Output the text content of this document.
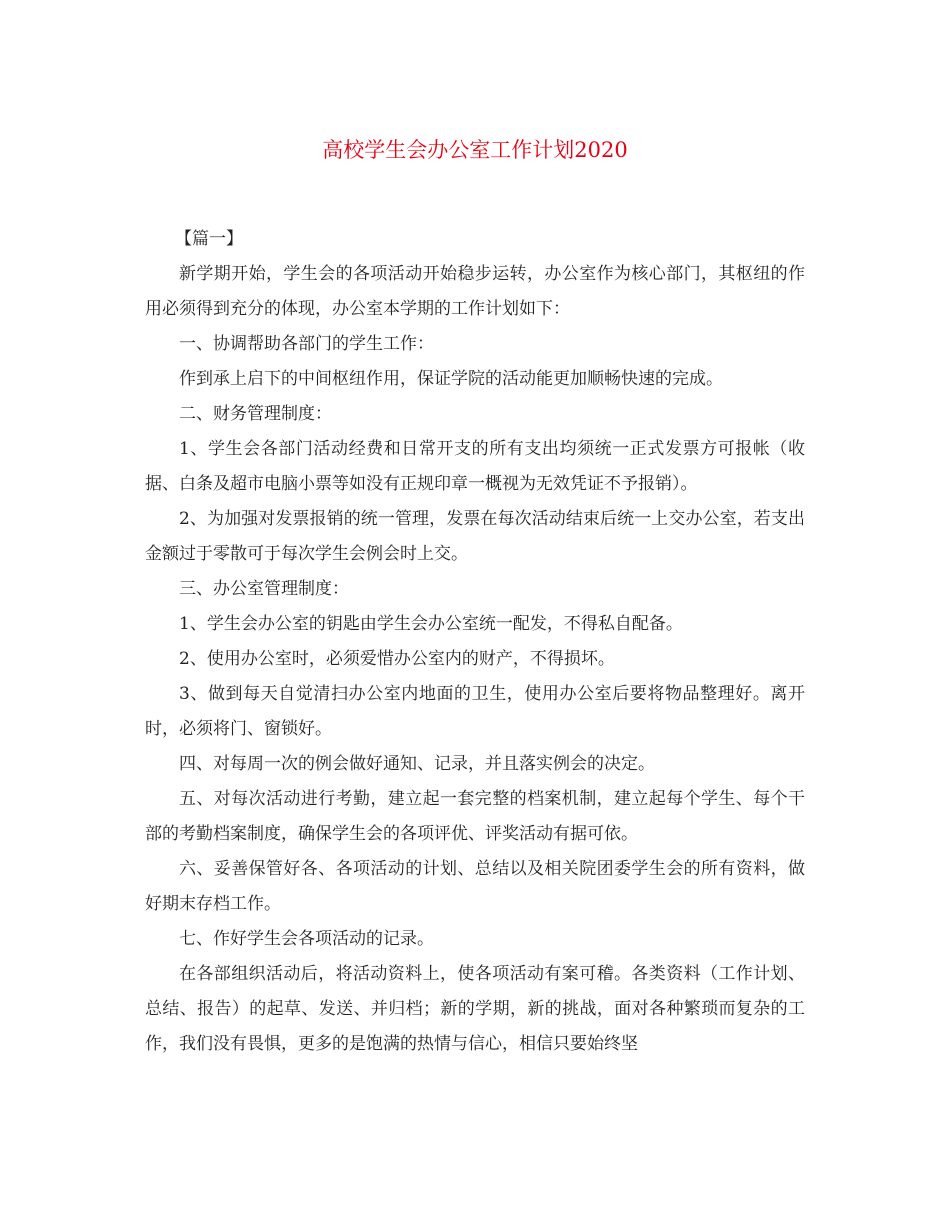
高校学生会办公室工作计划2020

【篇一】

新学期开始，学生会的各项活动开始稳步运转，办公室作为核心部门，其枢纽的作用必须得到充分的体现，办公室本学期的工作计划如下：

一、协调帮助各部门的学生工作：

作到承上启下的中间枢纽作用，保证学院的活动能更加顺畅快速的完成。

二、财务管理制度：

1、学生会各部门活动经费和日常开支的所有支出均须统一正式发票方可报帐（收据、白条及超市电脑小票等如没有正规印章一概视为无效凭证不予报销）。

2、为加强对发票报销的统一管理，发票在每次活动结束后统一上交办公室，若支出金额过于零散可于每次学生会例会时上交。

三、办公室管理制度：

1、学生会办公室的钥匙由学生会办公室统一配发，不得私自配备。

2、使用办公室时，必须爱惜办公室内的财产，不得损坏。

3、做到每天自觉清扫办公室内地面的卫生，使用办公室后要将物品整理好。离开时，必须将门、窗锁好。

四、对每周一次的例会做好通知、记录，并且落实例会的决定。

五、对每次活动进行考勤，建立起一套完整的档案机制，建立起每个学生、每个干部的考勤档案制度，确保学生会的各项评优、评奖活动有据可依。

六、妥善保管好各、各项活动的计划、总结以及相关院团委学生会的所有资料，做好期末存档工作。

七、作好学生会各项活动的记录。

在各部组织活动后，将活动资料上，使各项活动有案可稽。各类资料（工作计划、总结、报告）的起草、发送、并归档；新的学期，新的挑战，面对各种繁琐而复杂的工作，我们没有畏惧，更多的是饱满的热情与信心，相信只要始终坚
